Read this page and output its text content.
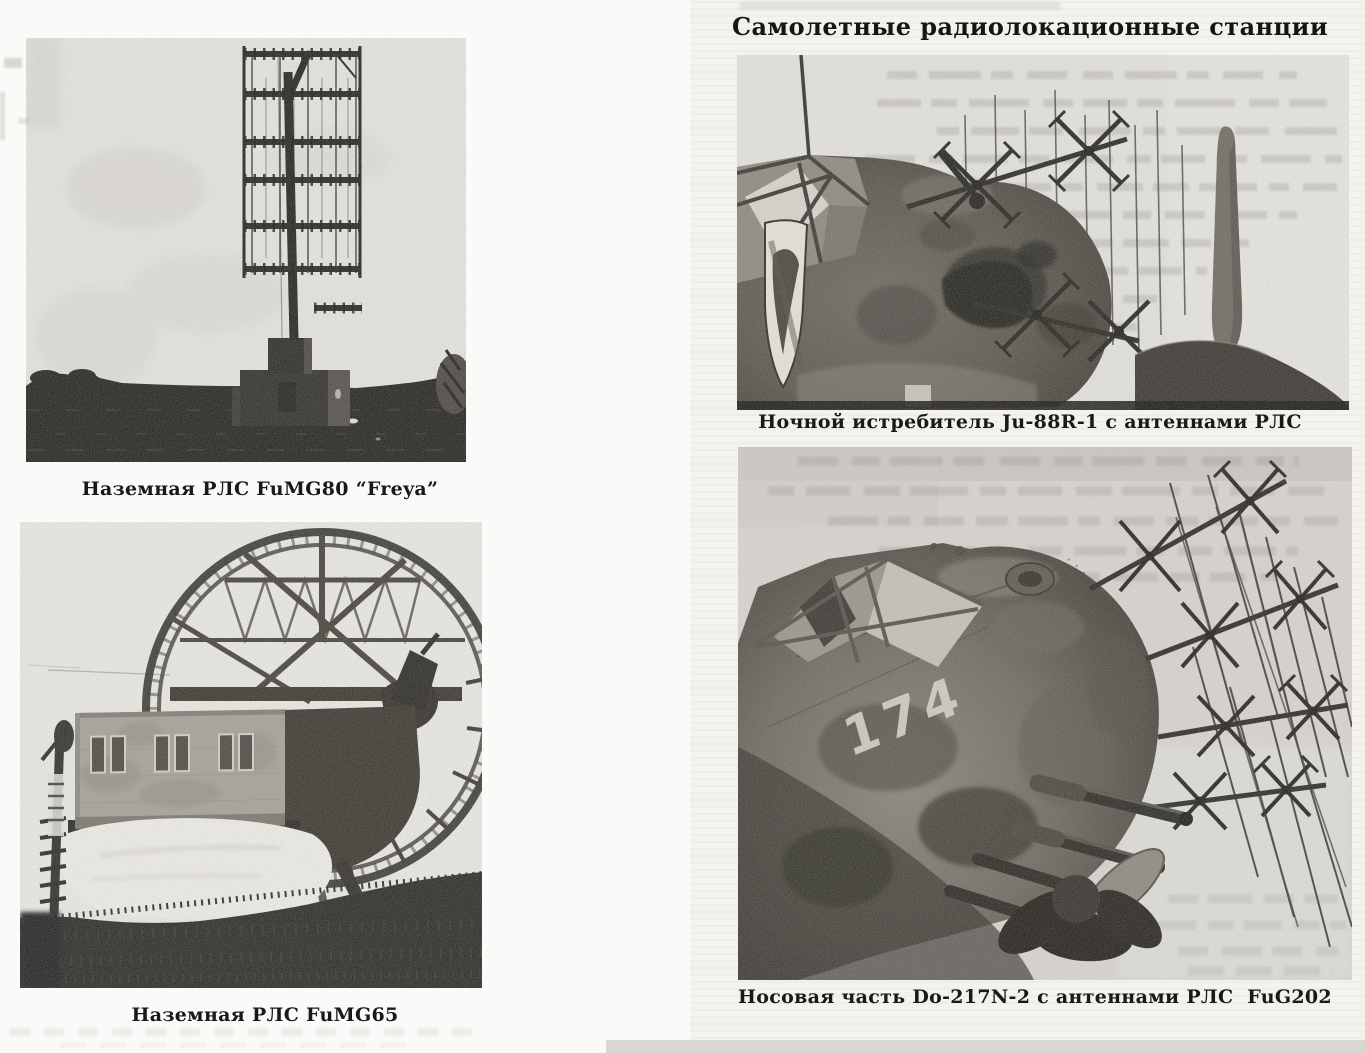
Самолетные радиолокационные станции
Наземная РЛС FuMG80 “Freya”
Наземная РЛС FuMG65
Ночной истребитель Ju-88R-1 с антеннами РЛС
Носовая часть Do-217N-2 с антеннами РЛС  FuG202
